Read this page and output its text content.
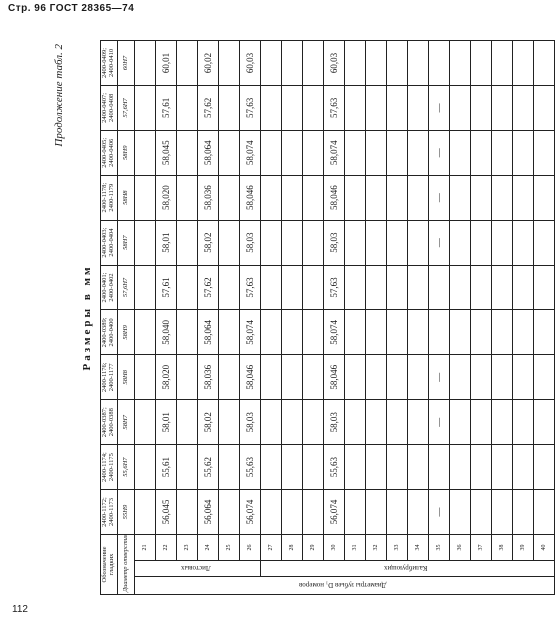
Стр. 96 ГОСТ 28365—74
Продолжение табл. 2
Размеры в мм
Обозначение гладких			2400-1172; 2400-1173	2400-1174; 2400-1175	2400-0387; 2400-0388	2400-1176; 2400-1177	2400-0389; 2400-0400	2400-0401; 2400-0402	2400-0403; 2400-0404	2400-1178; 2400-1179	2400-0405; 2400-0406	2400-0407; 2400-0408	2400-0409; 2400-0410
Диаметр отверстия			55H9	55,6H7	58H7	58H8	58H9	57,6H7	58H7	58H8	58H9	57,6H7	60H7
Диаметры зубьев D₁ номеров	Листовых	21											
		22	56,045	55,61	58,01	58,020	58,040	57,61	58,01	58,020	58,045	57,61	60,01
		23											
		24	56,064	55,62	58,02	58,036	58,064	57,62	58,02	58,036	58,064	57,62	60,02
		25											
		26	56,074	55,63	58,03	58,046	58,074	57,63	58,03	58,046	58,074	57,63	60,03
	Калибрующих	27											
		28											
		29											
		30	56,074	55,63	58,03	58,046	58,074	57,63	58,03	58,046	58,074	57,63	60,03
		31											
		32											
		33											
		34											
		35	—		—	—			—	—	—	—	
		36											
		37											
		38											
		39											
		40											
112
